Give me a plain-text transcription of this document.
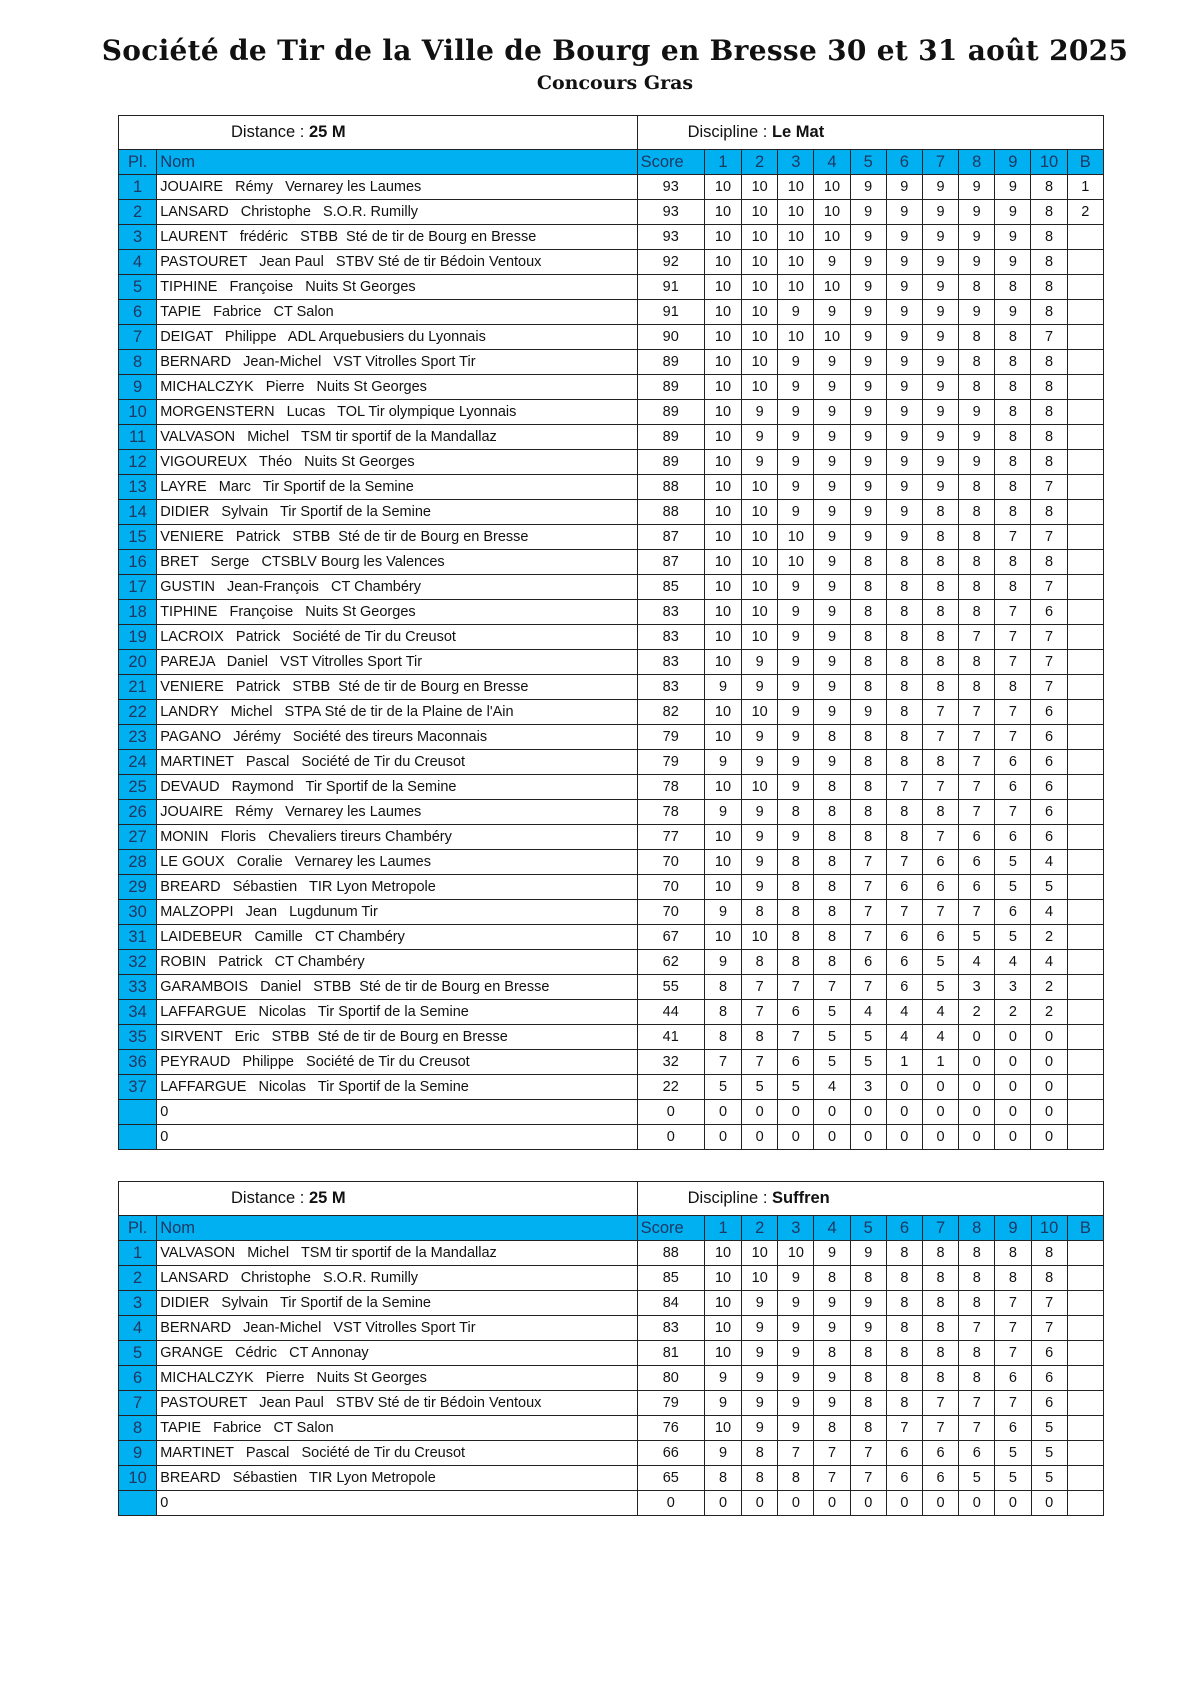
Société de Tir de la Ville de Bourg en Bresse 30 et 31 août 2025
Concours Gras
Distance : 25 M		Discipline : Le Mat											
Pl.	Nom	Score	1	2	3	4	5	6	7	8	9	10	B
1	JOUAIRE   Rémy   Vernarey les Laumes	93	10	10	10	10	9	9	9	9	9	8	1
2	LANSARD   Christophe   S.O.R. Rumilly	93	10	10	10	10	9	9	9	9	9	8	2
3	LAURENT   frédéric   STBB  Sté de tir de Bourg en Bresse	93	10	10	10	10	9	9	9	9	9	8	
4	PASTOURET   Jean Paul   STBV Sté de tir Bédoin Ventoux	92	10	10	10	9	9	9	9	9	9	8	
5	TIPHINE   Françoise   Nuits St Georges	91	10	10	10	10	9	9	9	8	8	8	
6	TAPIE   Fabrice   CT Salon	91	10	10	9	9	9	9	9	9	9	8	
7	DEIGAT   Philippe   ADL Arquebusiers du Lyonnais	90	10	10	10	10	9	9	9	8	8	7	
8	BERNARD   Jean-Michel   VST Vitrolles Sport Tir	89	10	10	9	9	9	9	9	8	8	8	
9	MICHALCZYK   Pierre   Nuits St Georges	89	10	10	9	9	9	9	9	8	8	8	
10	MORGENSTERN   Lucas   TOL Tir olympique Lyonnais	89	10	9	9	9	9	9	9	9	8	8	
11	VALVASON   Michel   TSM tir sportif de la Mandallaz	89	10	9	9	9	9	9	9	9	8	8	
12	VIGOUREUX   Théo   Nuits St Georges	89	10	9	9	9	9	9	9	9	8	8	
13	LAYRE   Marc   Tir Sportif de la Semine	88	10	10	9	9	9	9	9	8	8	7	
14	DIDIER   Sylvain   Tir Sportif de la Semine	88	10	10	9	9	9	9	8	8	8	8	
15	VENIERE   Patrick   STBB  Sté de tir de Bourg en Bresse	87	10	10	10	9	9	9	8	8	7	7	
16	BRET   Serge   CTSBLV Bourg les Valences	87	10	10	10	9	8	8	8	8	8	8	
17	GUSTIN   Jean-François   CT Chambéry	85	10	10	9	9	8	8	8	8	8	7	
18	TIPHINE   Françoise   Nuits St Georges	83	10	10	9	9	8	8	8	8	7	6	
19	LACROIX   Patrick   Société de Tir du Creusot	83	10	10	9	9	8	8	8	7	7	7	
20	PAREJA   Daniel   VST Vitrolles Sport Tir	83	10	9	9	9	8	8	8	8	7	7	
21	VENIERE   Patrick   STBB  Sté de tir de Bourg en Bresse	83	9	9	9	9	8	8	8	8	8	7	
22	LANDRY   Michel   STPA Sté de tir de la Plaine de l'Ain	82	10	10	9	9	9	8	7	7	7	6	
23	PAGANO   Jérémy   Société des tireurs Maconnais	79	10	9	9	8	8	8	7	7	7	6	
24	MARTINET   Pascal   Société de Tir du Creusot	79	9	9	9	9	8	8	8	7	6	6	
25	DEVAUD   Raymond   Tir Sportif de la Semine	78	10	10	9	8	8	7	7	7	6	6	
26	JOUAIRE   Rémy   Vernarey les Laumes	78	9	9	8	8	8	8	8	7	7	6	
27	MONIN   Floris   Chevaliers tireurs Chambéry	77	10	9	9	8	8	8	7	6	6	6	
28	LE GOUX   Coralie   Vernarey les Laumes	70	10	9	8	8	7	7	6	6	5	4	
29	BREARD   Sébastien   TIR Lyon Metropole	70	10	9	8	8	7	6	6	6	5	5	
30	MALZOPPI   Jean   Lugdunum Tir	70	9	8	8	8	7	7	7	7	6	4	
31	LAIDEBEUR   Camille   CT Chambéry	67	10	10	8	8	7	6	6	5	5	2	
32	ROBIN   Patrick   CT Chambéry	62	9	8	8	8	6	6	5	4	4	4	
33	GARAMBOIS   Daniel   STBB  Sté de tir de Bourg en Bresse	55	8	7	7	7	7	6	5	3	3	2	
34	LAFFARGUE   Nicolas   Tir Sportif de la Semine	44	8	7	6	5	4	4	4	2	2	2	
35	SIRVENT   Eric   STBB  Sté de tir de Bourg en Bresse	41	8	8	7	5	5	4	4	0	0	0	
36	PEYRAUD   Philippe   Société de Tir du Creusot	32	7	7	6	5	5	1	1	0	0	0	
37	LAFFARGUE   Nicolas   Tir Sportif de la Semine	22	5	5	5	4	3	0	0	0	0	0	
	0	0	0	0	0	0	0	0	0	0	0	0	
	0	0	0	0	0	0	0	0	0	0	0	0	
Distance : 25 M		Discipline : Suffren											
Pl.	Nom	Score	1	2	3	4	5	6	7	8	9	10	B
1	VALVASON   Michel   TSM tir sportif de la Mandallaz	88	10	10	10	9	9	8	8	8	8	8	
2	LANSARD   Christophe   S.O.R. Rumilly	85	10	10	9	8	8	8	8	8	8	8	
3	DIDIER   Sylvain   Tir Sportif de la Semine	84	10	9	9	9	9	8	8	8	7	7	
4	BERNARD   Jean-Michel   VST Vitrolles Sport Tir	83	10	9	9	9	9	8	8	7	7	7	
5	GRANGE   Cédric   CT Annonay	81	10	9	9	8	8	8	8	8	7	6	
6	MICHALCZYK   Pierre   Nuits St Georges	80	9	9	9	9	8	8	8	8	6	6	
7	PASTOURET   Jean Paul   STBV Sté de tir Bédoin Ventoux	79	9	9	9	9	8	8	7	7	7	6	
8	TAPIE   Fabrice   CT Salon	76	10	9	9	8	8	7	7	7	6	5	
9	MARTINET   Pascal   Société de Tir du Creusot	66	9	8	7	7	7	6	6	6	5	5	
10	BREARD   Sébastien   TIR Lyon Metropole	65	8	8	8	7	7	6	6	5	5	5	
	0	0	0	0	0	0	0	0	0	0	0	0	
